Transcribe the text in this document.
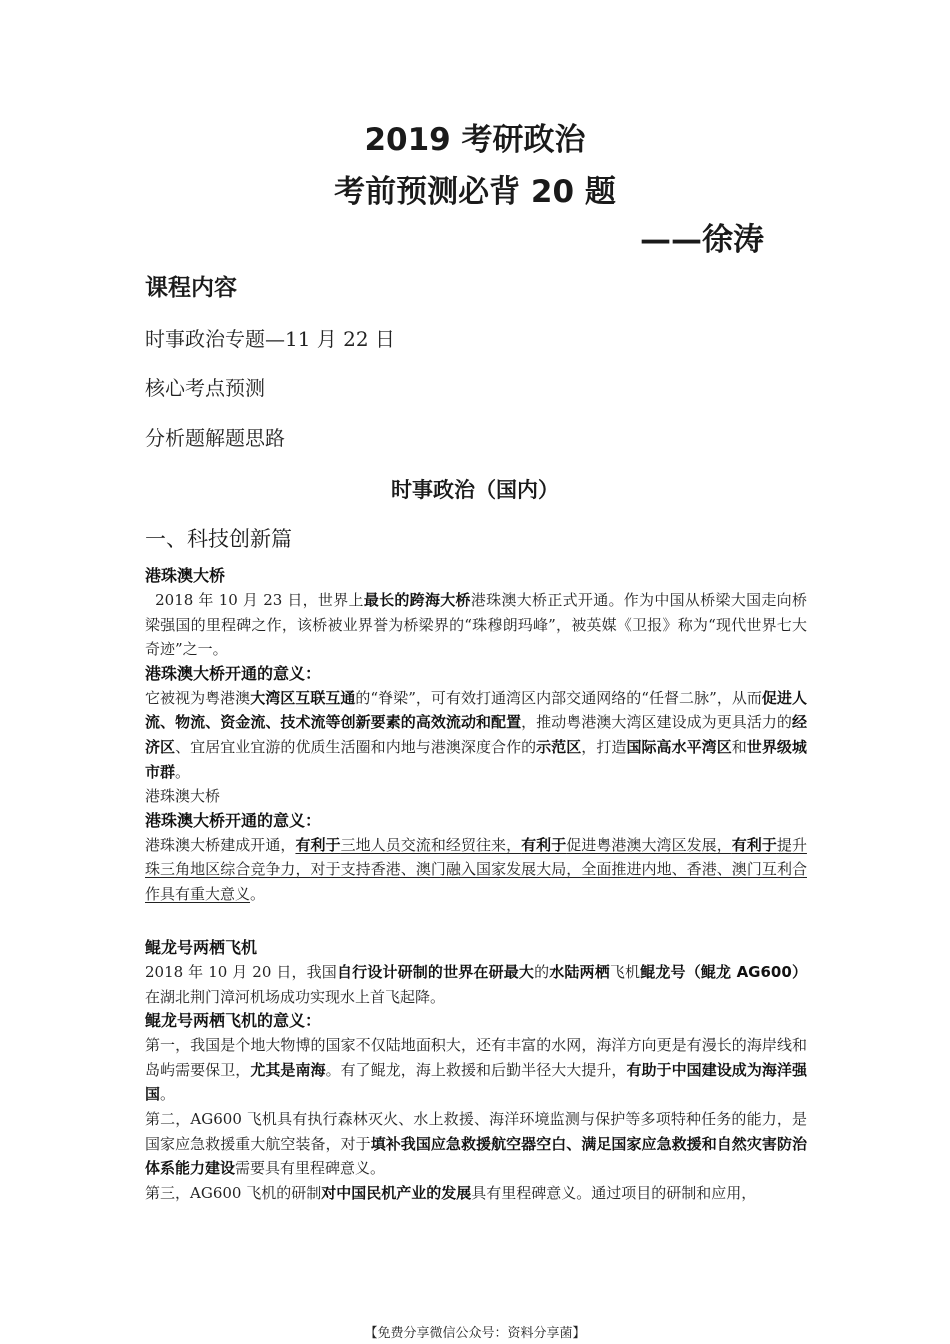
2019 考研政治
考前预测必背 20 题
——徐涛
课程内容
时事政治专题—11 月 22 日
核心考点预测
分析题解题思路
时事政治（国内）
一、科技创新篇
港珠澳大桥
2018 年 10 月 23 日，世界上最长的跨海大桥港珠澳大桥正式开通。作为中国从桥梁大国走向桥梁强国的里程碑之作，该桥被业界誉为桥梁界的“珠穆朗玛峰”，被英媒《卫报》称为“现代世界七大奇迹”之一。
港珠澳大桥开通的意义：
它被视为粤港澳大湾区互联互通的“脊梁”，可有效打通湾区内部交通网络的“任督二脉”，从而促进人流、物流、资金流、技术流等创新要素的高效流动和配置，推动粤港澳大湾区建设成为更具活力的经济区、宜居宜业宜游的优质生活圈和内地与港澳深度合作的示范区，打造国际高水平湾区和世界级城市群。
港珠澳大桥
港珠澳大桥开通的意义：
港珠澳大桥建成开通，有利于三地人员交流和经贸往来，有利于促进粤港澳大湾区发展，有利于提升珠三角地区综合竞争力，对于支持香港、澳门融入国家发展大局，全面推进内地、香港、澳门互利合作具有重大意义。
鲲龙号两栖飞机
2018 年 10 月 20 日，我国自行设计研制的世界在研最大的水陆两栖飞机鲲龙号（鲲龙 AG600）在湖北荆门漳河机场成功实现水上首飞起降。
鲲龙号两栖飞机的意义：
第一，我国是个地大物博的国家不仅陆地面积大，还有丰富的水网，海洋方向更是有漫长的海岸线和岛屿需要保卫，尤其是南海。有了鲲龙，海上救援和后勤半径大大提升，有助于中国建设成为海洋强国。
第二，AG600 飞机具有执行森林灭火、水上救援、海洋环境监测与保护等多项特种任务的能力，是国家应急救援重大航空装备，对于填补我国应急救援航空器空白、满足国家应急救援和自然灾害防治体系能力建设需要具有里程碑意义。
第三，AG600 飞机的研制对中国民机产业的发展具有里程碑意义。通过项目的研制和应用，
【免费分享微信公众号：资料分享菌】
